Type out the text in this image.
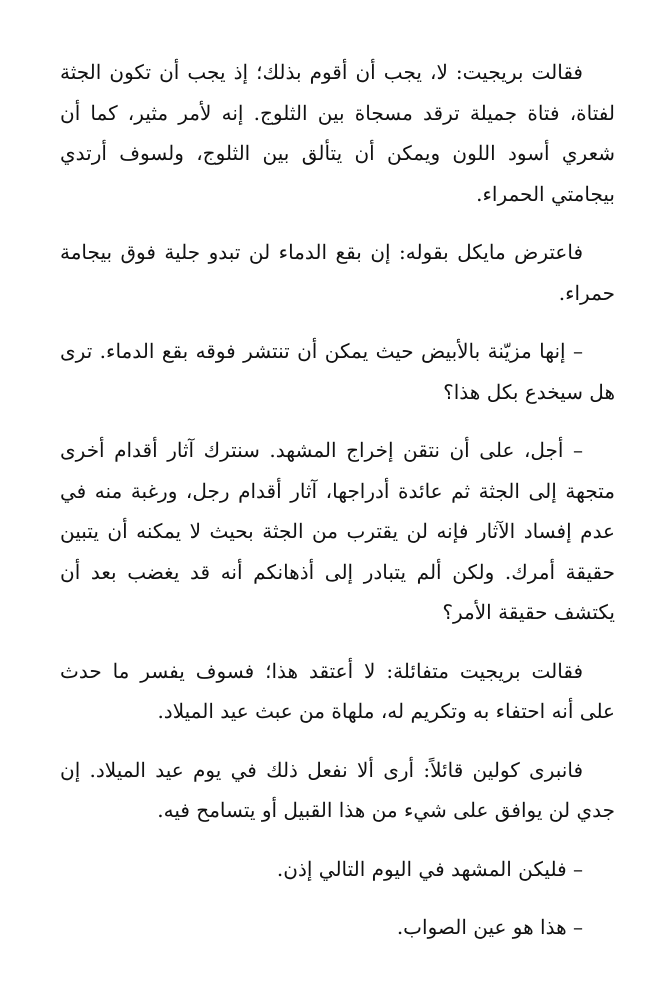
فقالت بريجيت: لا، يجب أن أقوم بذلك؛ إذ يجب أن تكون الجثة لفتاة، فتاة جميلة ترقد مسجاة بين الثلوج. إنه لأمر مثير، كما أن شعري أسود اللون ويمكن أن يتألق بين الثلوج، ولسوف أرتدي بيجامتي الحمراء.

فاعترض مايكل بقوله: إن بقع الدماء لن تبدو جلية فوق بيجامة حمراء.

– إنها مزيّنة بالأبيض حيث يمكن أن تنتشر فوقه بقع الدماء. ترى هل سيخدع بكل هذا؟

– أجل، على أن نتقن إخراج المشهد. سنترك آثار أقدام أخرى متجهة إلى الجثة ثم عائدة أدراجها، آثار أقدام رجل، ورغبة منه في عدم إفساد الآثار فإنه لن يقترب من الجثة بحيث لا يمكنه أن يتبين حقيقة أمرك. ولكن ألم يتبادر إلى أذهانكم أنه قد يغضب بعد أن يكتشف حقيقة الأمر؟

فقالت بريجيت متفائلة: لا أعتقد هذا؛ فسوف يفسر ما حدث على أنه احتفاء به وتكريم له، ملهاة من عبث عيد الميلاد.

فانبرى كولين قائلاً: أرى ألا نفعل ذلك في يوم عيد الميلاد. إن جدي لن يوافق على شيء من هذا القبيل أو يتسامح فيه.

– فليكن المشهد في اليوم التالي إذن.

– هذا هو عين الصواب.
